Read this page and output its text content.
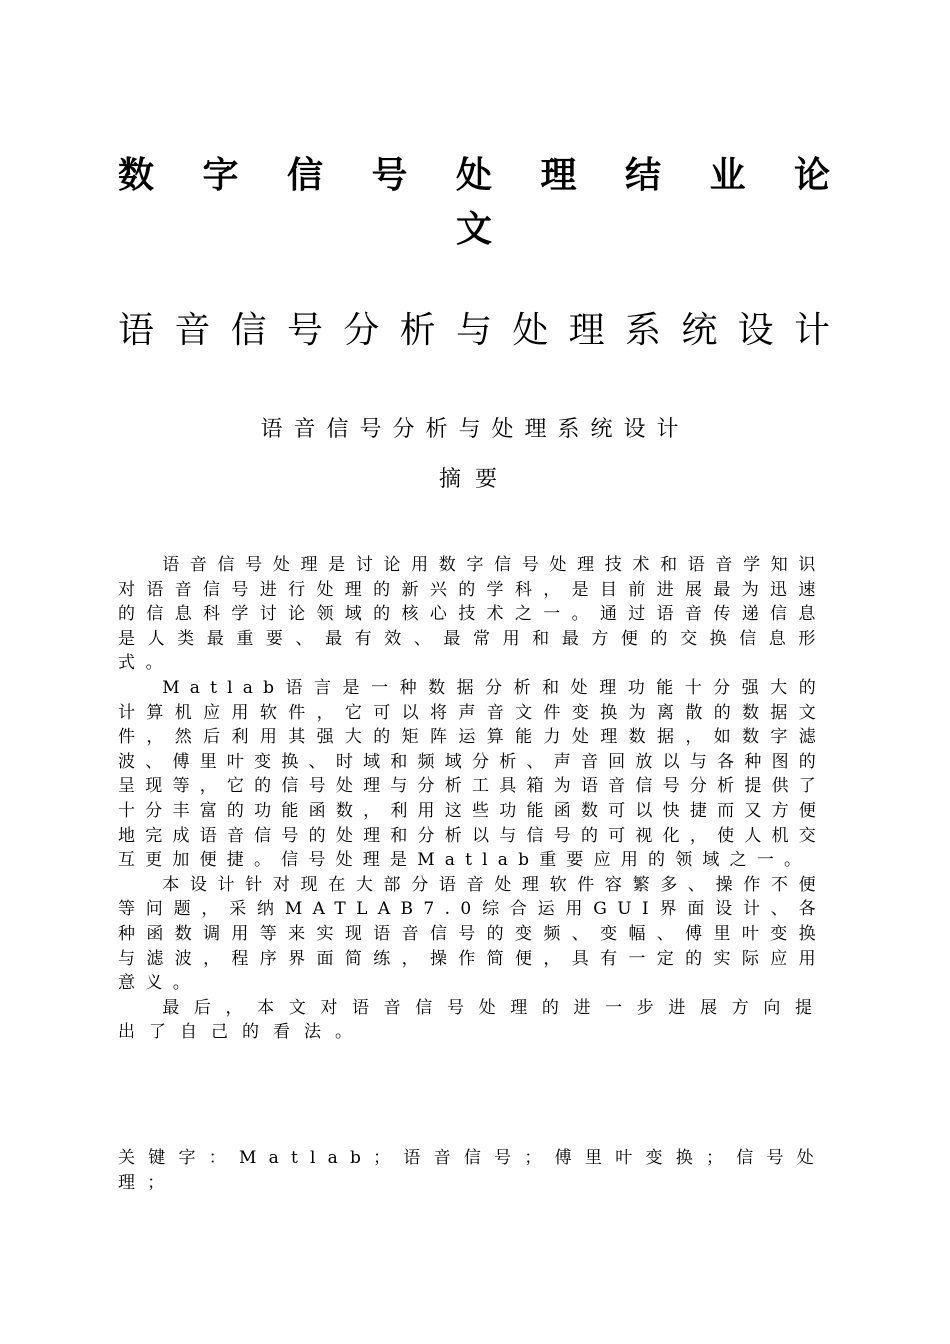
数字信号处理结业论
文
语音信号分析与处理系统设计
语音信号分析与处理系统设计
摘要

语音信号处理是讨论用数字信号处理技术和语音学知识对语音信号进行处理的新兴的学科，是目前进展最为迅速的信息科学讨论领域的核心技术之一。通过语音传递信息是人类最重要、最有效、最常用和最方便的交换信息形式。

Matlab语言是一种数据分析和处理功能十分强大的计算机应用软件，它可以将声音文件变换为离散的数据文件，然后利用其强大的矩阵运算能力处理数据，如数字滤波、傅里叶变换、时域和频域分析、声音回放以与各种图的呈现等，它的信号处理与分析工具箱为语音信号分析提供了十分丰富的功能函数，利用这些功能函数可以快捷而又方便地完成语音信号的处理和分析以与信号的可视化，使人机交互更加便捷。信号处理是Matlab重要应用的领域之一。

本设计针对现在大部分语音处理软件容繁多、操作不便等问题，采纳MATLAB7.0综合运用GUI界面设计、各种函数调用等来实现语音信号的变频、变幅、傅里叶变换与滤波，程序界面简练，操作简便，具有一定的实际应用意义。

最后，本文对语音信号处理的进一步进展方向提出了自己的看法。

关键字：Matlab；语音信号；傅里叶变换；信号处理；
